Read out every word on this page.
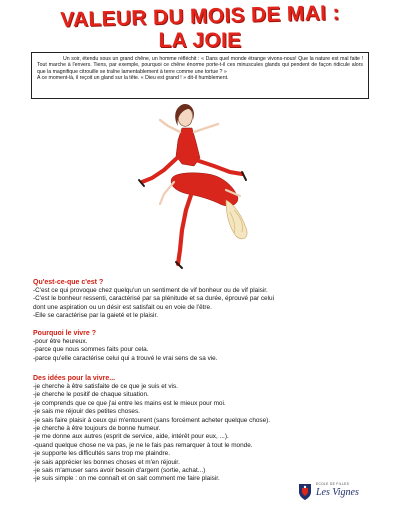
VALEUR DU MOIS DE MAI :
LA JOIE

Un soir, étendu sous un grand chêne, un homme réfléchit : « Dans quel monde étrange vivons-nous! Que la nature est mal faite ! Tout marche à l'envers. Tiens, par exemple, pourquoi ce chêne énorme porte-t-il ces minuscules glands qui pendent de façon ridicule alors que la magnifique citrouille se traîne lamentablement à terre comme une tortue ? »

A ce moment-là, il reçoit un gland sur la tête. « Dieu est grand ! » dit-il humblement.

Qu'est-ce-que c'est ?
-C'est ce qui provoque chez quelqu'un un sentiment de vif bonheur ou de vif plaisir.
-C'est le bonheur ressenti, caractérisé par sa plénitude et sa durée, éprouvé par celui
dont une aspiration ou un désir est satisfait ou en voie de l'être.
-Elle se caractérise par la gaieté et le plaisir.
Pourquoi le vivre ?
-pour être heureux.
-parce que nous sommes faits pour cela.
-parce qu'elle caractérise celui qui a trouvé le vrai sens de sa vie.
Des idées pour la vivre...
-je cherche à être satisfaite de ce que je suis et vis.
-je cherche le positif de chaque situation.
-je comprends que ce que j'ai entre les mains est le mieux pour moi.
-je sais me réjouir des petites choses.
-je sais faire plaisir à ceux qui m'entourent (sans forcément acheter quelque chose).
-je cherche à être toujours de bonne humeur.
-je me donne aux autres (esprit de service, aide, intérêt pour eux, ...).
-quand quelque chose ne va pas, je ne le fais pas remarquer à tout le monde.
-je supporte les difficultés sans trop me plaindre.
-je sais apprécier les bonnes choses et m'en réjouir.
-je sais m'amuser sans avoir besoin d'argent (sortie, achat...)
-je suis simple : on me connaît et on sait comment me faire plaisir.
ECOLE DE FILLES
Les Vignes
